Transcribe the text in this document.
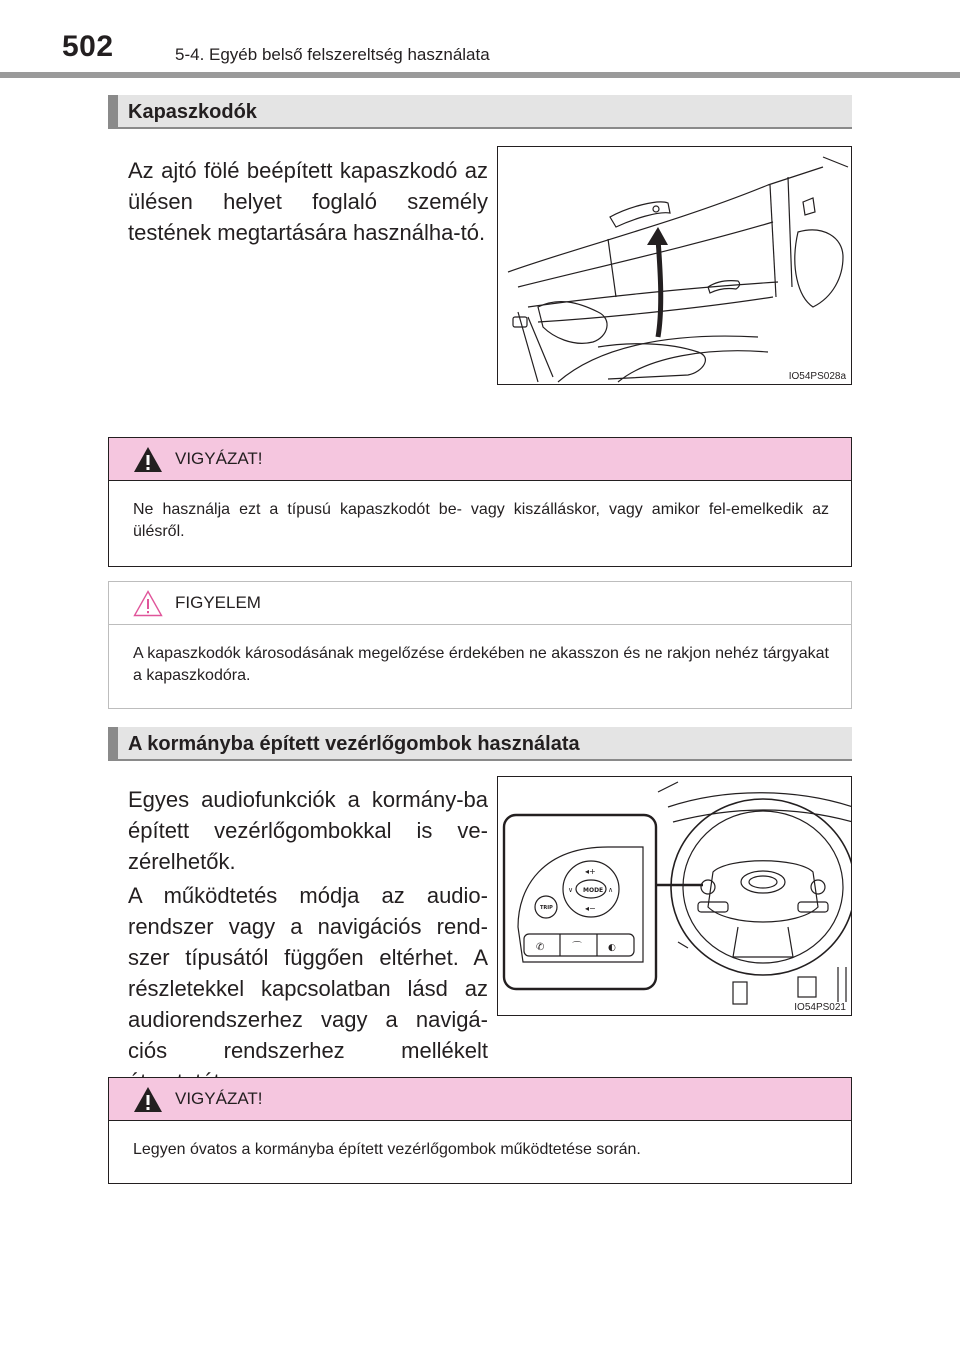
502	5-4. Egyéb belső felszereltség használata
Kapaszkodók
Az ajtó fölé beépített kapaszkodó az ülésen helyet foglaló személy testének megtartására használha-tó.
IO54PS028a
VIGYÁZAT!
Ne használja ezt a típusú kapaszkodót be- vagy kiszálláskor, vagy amikor fel-emelkedik az ülésről.
FIGYELEM
A kapaszkodók károsodásának megelőzése érdekében ne akasszon és ne rakjon nehéz tárgyakat a kapaszkodóra.
A kormányba épített vezérlőgombok használata
Egyes audiofunkciók a kormány-ba épített vezérlőgombokkal is ve-zérelhetők.
A működtetés módja az audio-rendszer vagy a navigációs rend-szer típusától függően eltérhet. A részletekkel kapcsolatban lásd az audiorendszerhez vagy a navigá-ciós rendszerhez mellékelt
◂+
◂−
∨	∧
MODE
TRIP
✆	⌒	◐
IO54PS021
VIGYÁZAT!
Legyen óvatos a kormányba épített vezérlőgombok működtetése során.
